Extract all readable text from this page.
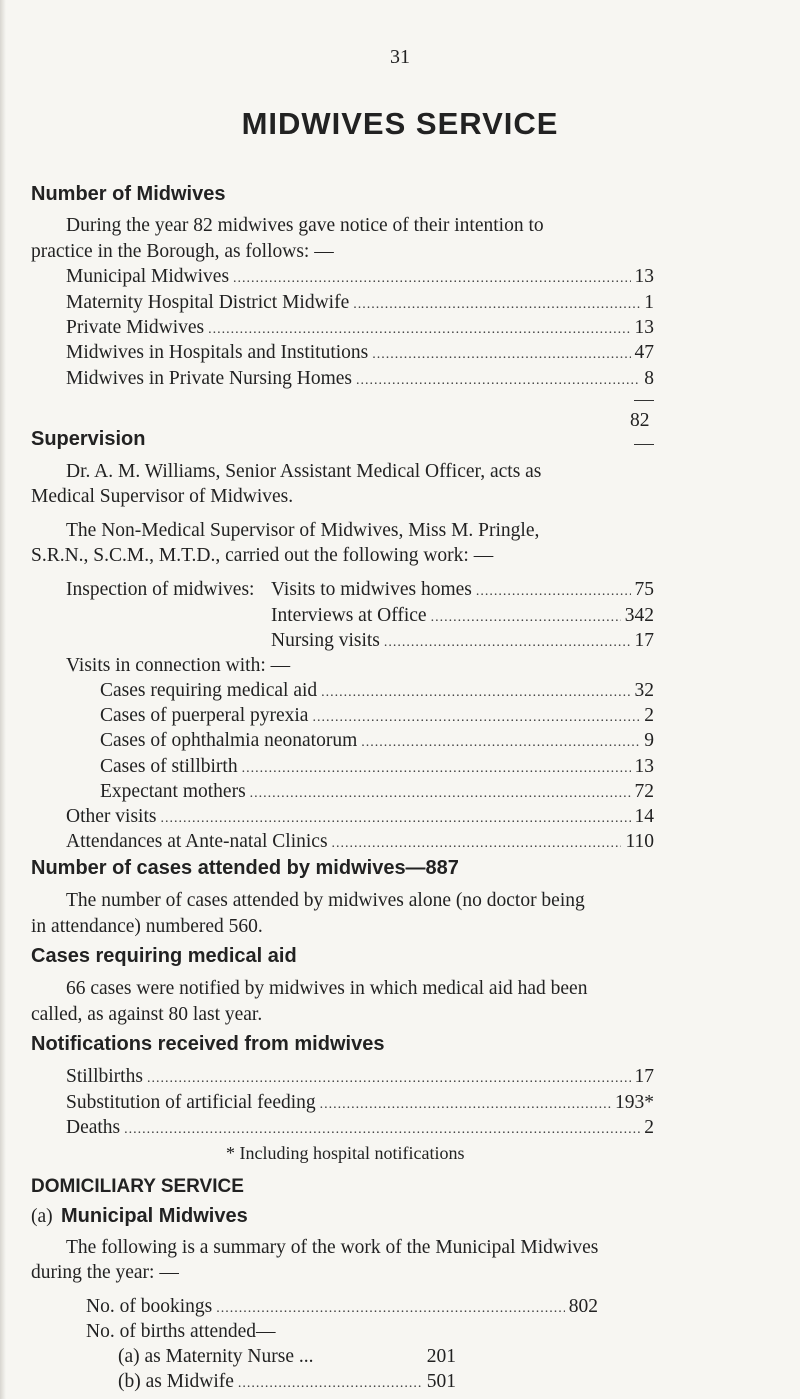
31
MIDWIVES SERVICE
Number of Midwives
During the year 82 midwives gave notice of their intention to
practice in the Borough, as follows: —
Municipal Midwives .....	13
Maternity Hospital District Midwife .....	1
Private Midwives .....	13
Midwives in Hospitals and Institutions .....	47
Midwives in Private Nursing Homes .....	8
82
Supervision
Dr. A. M. Williams, Senior Assistant Medical Officer, acts as
Medical Supervisor of Midwives.
The Non-Medical Supervisor of Midwives, Miss M. Pringle,
S.R.N., S.C.M., M.T.D., carried out the following work: —
Inspection of midwives: Visits to midwives homes .....	75
Interviews at Office .....	342
Nursing visits .....	17
Visits in connection with: —
Cases requiring medical aid .....	32
Cases of puerperal pyrexia .....	2
Cases of ophthalmia neonatorum .....	9
Cases of stillbirth .....	13
Expectant mothers .....	72
Other visits .....	14
Attendances at Ante-natal Clinics .....	110
Number of cases attended by midwives—887
The number of cases attended by midwives alone (no doctor being
in attendance) numbered 560.
Cases requiring medical aid
66 cases were notified by midwives in which medical aid had been
called, as against 80 last year.
Notifications received from midwives
Stillbirths .....	17
Substitution of artificial feeding .....	193*
Deaths .....	2
* Including hospital notifications
DOMICILIARY SERVICE
(a) Municipal Midwives
The following is a summary of the work of the Municipal Midwives
during the year: —
No. of bookings .....	802
No. of births attended—
(a) as Maternity Nurse ...	201
(b) as Midwife .....	501
